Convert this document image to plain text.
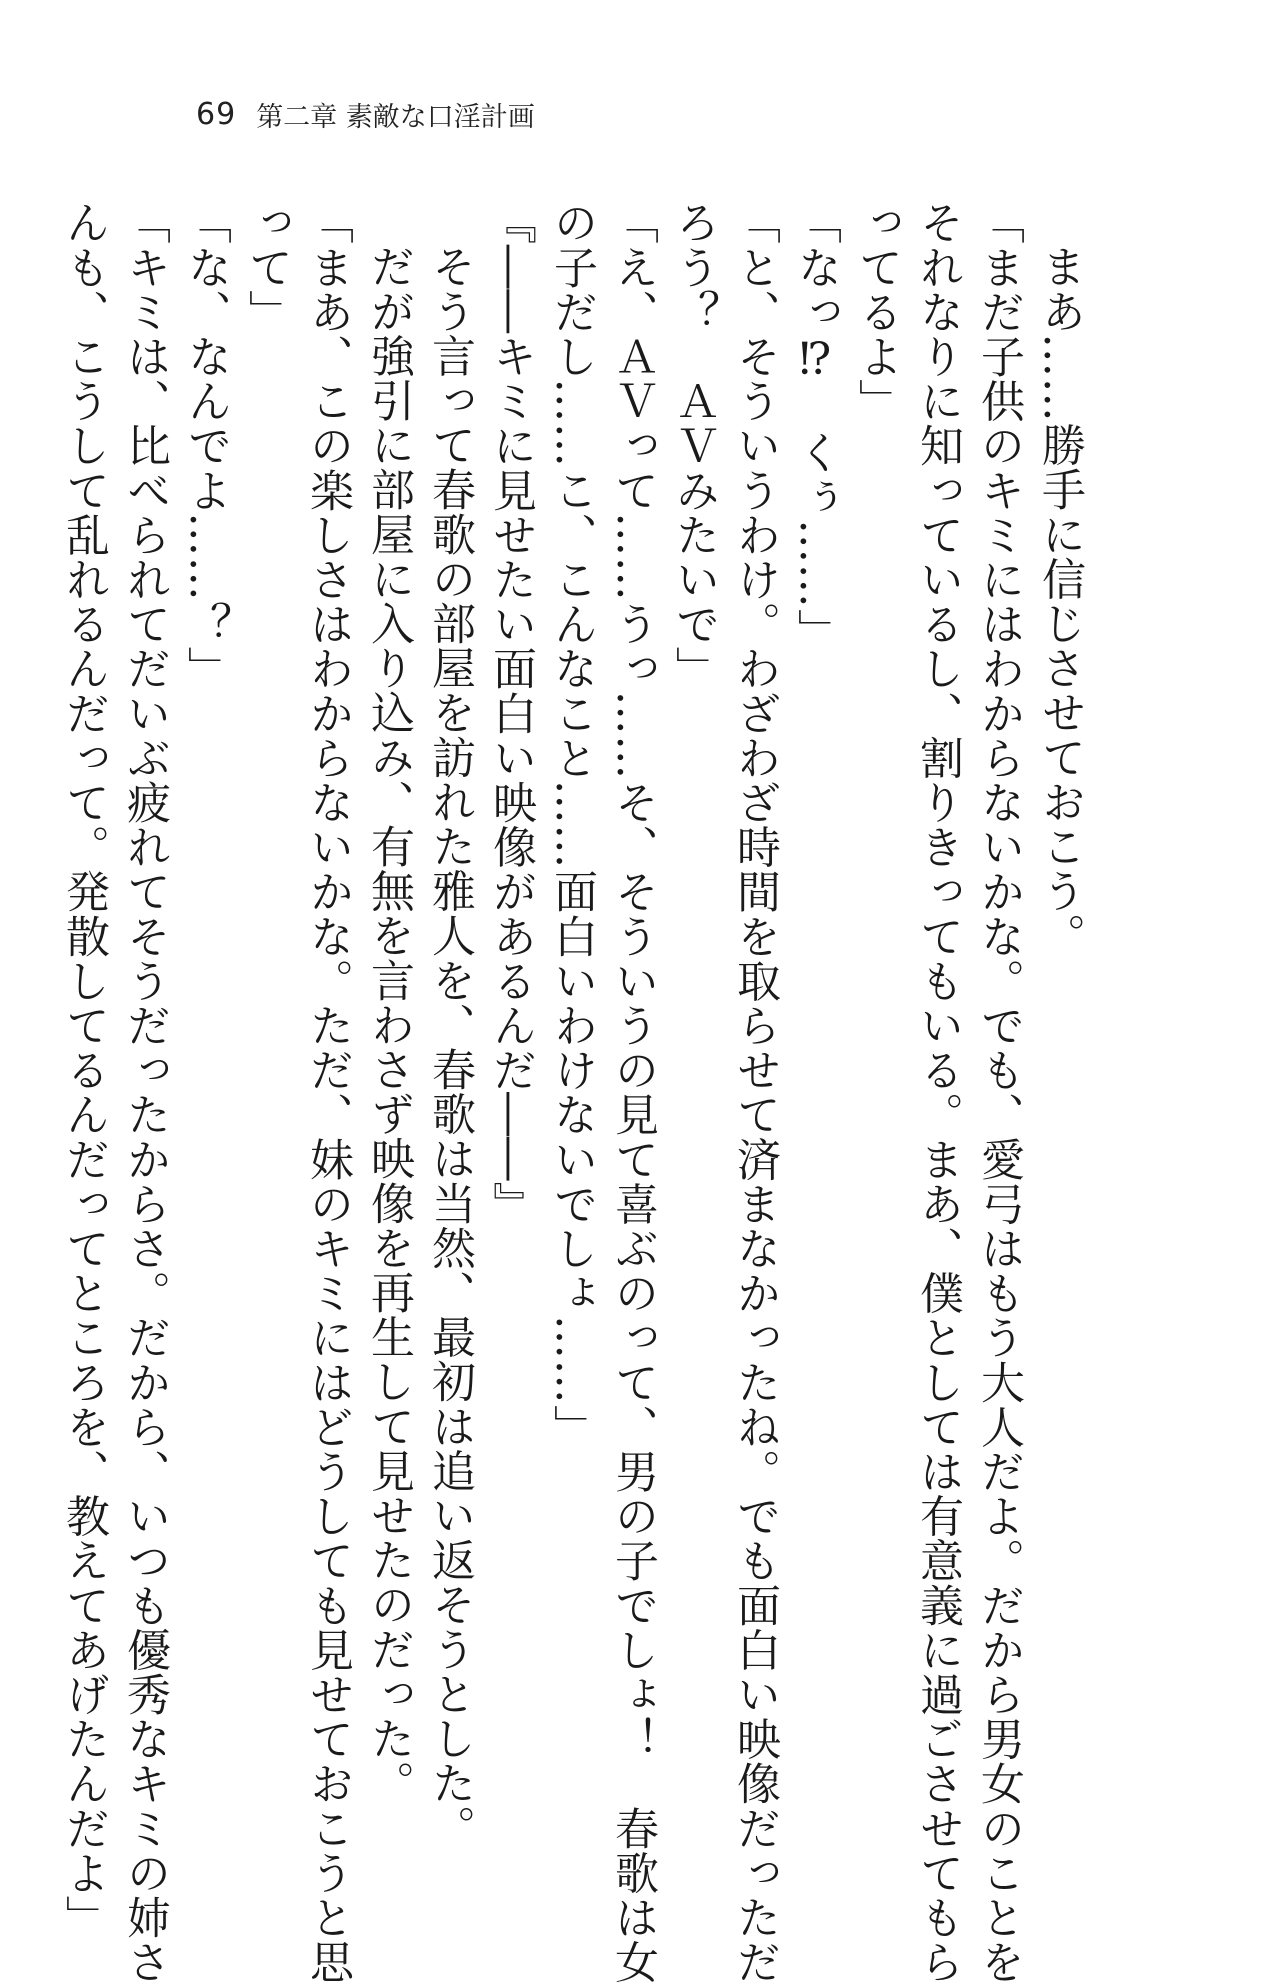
69 第二章 素敵な口淫計画

まあ……勝手に信じさせておこう。

「まだ子供のキミにはわからないかな。でも、愛弓はもう大人だよ。だから男女のことを

それなりに知っているし、割りきってもいる。まあ、僕としては有意義に過ごさせてもら

ってるよ」

「なっ⁉　くぅ……」

「と、そういうわけ。わざわざ時間を取らせて済まなかったね。でも面白い映像だっただ

ろう？　ＡＶみたいで」

「え、ＡＶって……うっ……そ、そういうの見て喜ぶのって、男の子でしょ！　春歌は女

の子だし……こ、こんなこと……面白いわけないでしょ……」

『――キミに見せたい面白い映像があるんだ――』

そう言って春歌の部屋を訪れた雅人を、春歌は当然、最初は追い返そうとした。

だが強引に部屋に入り込み、有無を言わさず映像を再生して見せたのだった。

「まあ、この楽しさはわからないかな。ただ、妹のキミにはどうしても見せておこうと思

って」

「な、なんでよ……？」

「キミは、比べられてだいぶ疲れてそうだったからさ。だから、いつも優秀なキミの姉さ

んも、こうして乱れるんだって。発散してるんだってところを、教えてあげたんだよ」
